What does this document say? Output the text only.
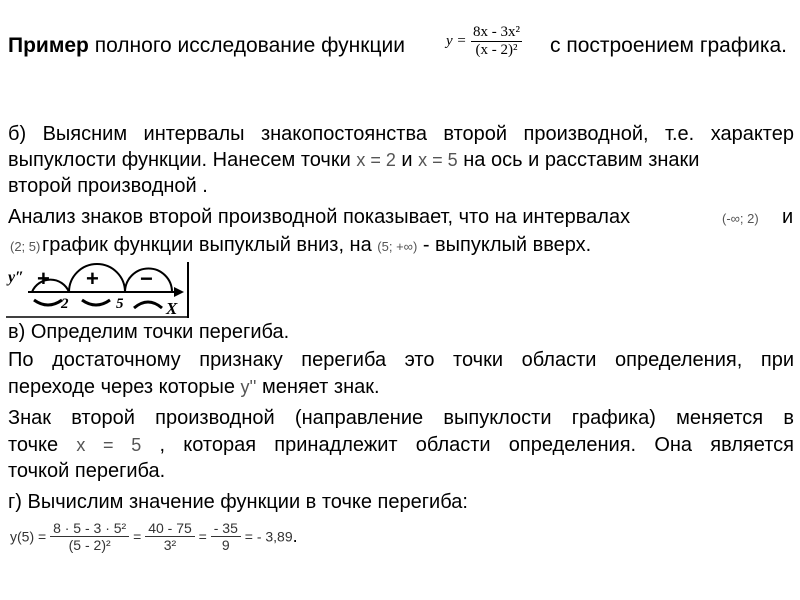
Пример полного исследование функции	$y = \frac{\text{8x - 3x²}}{\text{(x - 2)²}}$ с построением графика.
б) Выясним интервалы знакопостоянства второй производной, т.е. характер
выпуклости функции. Нанесем точки x = 2 и x = 5 на ось и расставим знаки
второй производной .
Анализ знаков второй производной показывает, что на интервалах	(-∞; 2) и
(2; 5) график функции выпуклый вниз, на (5; +∞) - выпуклый вверх.
y″ + + −
2	5	X
в) Определим точки перегиба.
По достаточному признаку перегиба это точки области определения, при
переходе через которые y'' меняет знак.
Знак второй производной (направление выпуклости графика) меняется в
точке x = 5 , которая принадлежит области определения. Она является
точкой перегиба.
г) Вычислим значение функции в точке перегиба:
$y(5) = \frac{\text{8 · 5 - 3 · 5²}}{\text{(5 - 2)²}} = \frac{40 - 75}{\text{3²}} = \frac{- 35}{9}$ = - 3,89.
